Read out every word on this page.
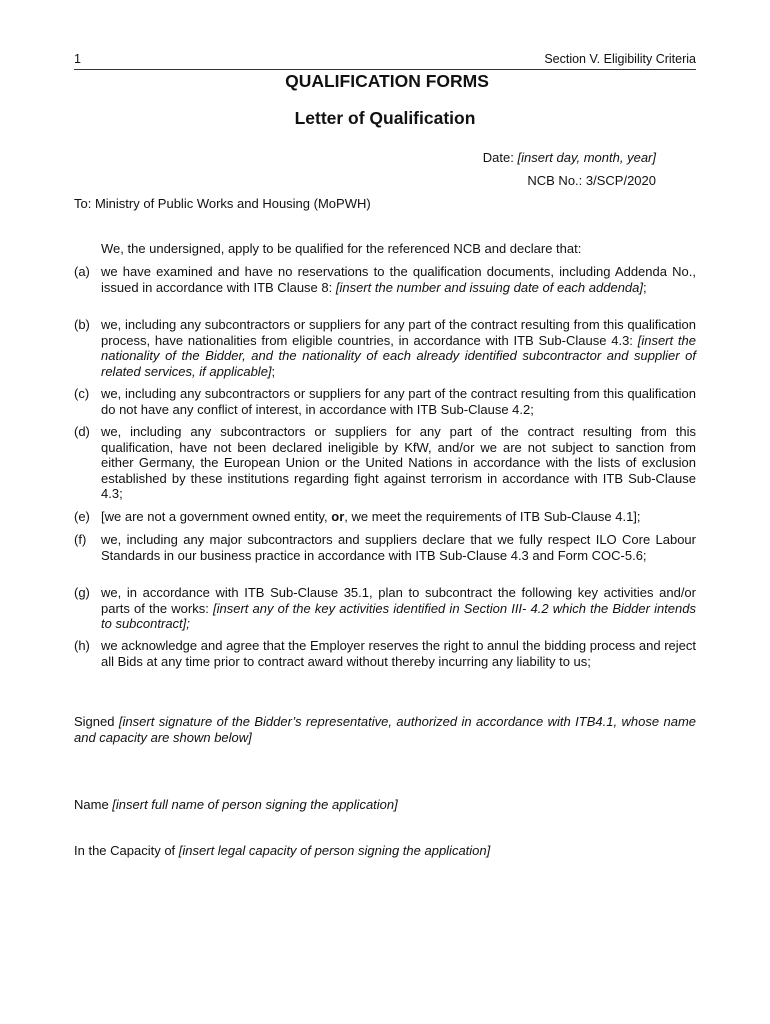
1	Section V. Eligibility Criteria
QUALIFICATION FORMS
Letter of Qualification
Date: [insert day, month, year]
NCB No.: 3/SCP/2020
To: Ministry of Public Works and Housing (MoPWH)
We, the undersigned, apply to be qualified for the referenced NCB and declare that:
(a) we have examined and have no reservations to the qualification documents, including Addenda No., issued in accordance with ITB Clause 8: [insert the number and issuing date of each addenda];
(b) we, including any subcontractors or suppliers for any part of the contract resulting from this qualification process, have nationalities from eligible countries, in accordance with ITB Sub-Clause 4.3: [insert the nationality of the Bidder, and the nationality of each already identified subcontractor and supplier of related services, if applicable];
(c) we, including any subcontractors or suppliers for any part of the contract resulting from this qualification do not have any conflict of interest, in accordance with ITB Sub-Clause 4.2;
(d) we, including any subcontractors or suppliers for any part of the contract resulting from this qualification, have not been declared ineligible by KfW, and/or we are not subject to sanction from either Germany, the European Union or the United Nations in accordance with the lists of exclusion established by these institutions regarding fight against terrorism in accordance with ITB Sub-Clause 4.3;
(e) [we are not a government owned entity, or, we meet the requirements of ITB Sub-Clause 4.1];
(f)	we, including any major subcontractors and suppliers declare that we fully respect ILO Core Labour Standards in our business practice in accordance with ITB Sub-Clause 4.3 and Form COC-5.6;
(g) we, in accordance with ITB Sub-Clause 35.1, plan to subcontract the following key activities and/or parts of the works: [insert any of the key activities identified in Section III- 4.2 which the Bidder intends to subcontract];
(h) we acknowledge and agree that the Employer reserves the right to annul the bidding process and reject all Bids at any time prior to contract award without thereby incurring any liability to us;
Signed [insert signature of the Bidder’s representative, authorized in accordance with ITB4.1, whose name and capacity are shown below]
Name [insert full name of person signing the application]
In the Capacity of [insert legal capacity of person signing the application]
